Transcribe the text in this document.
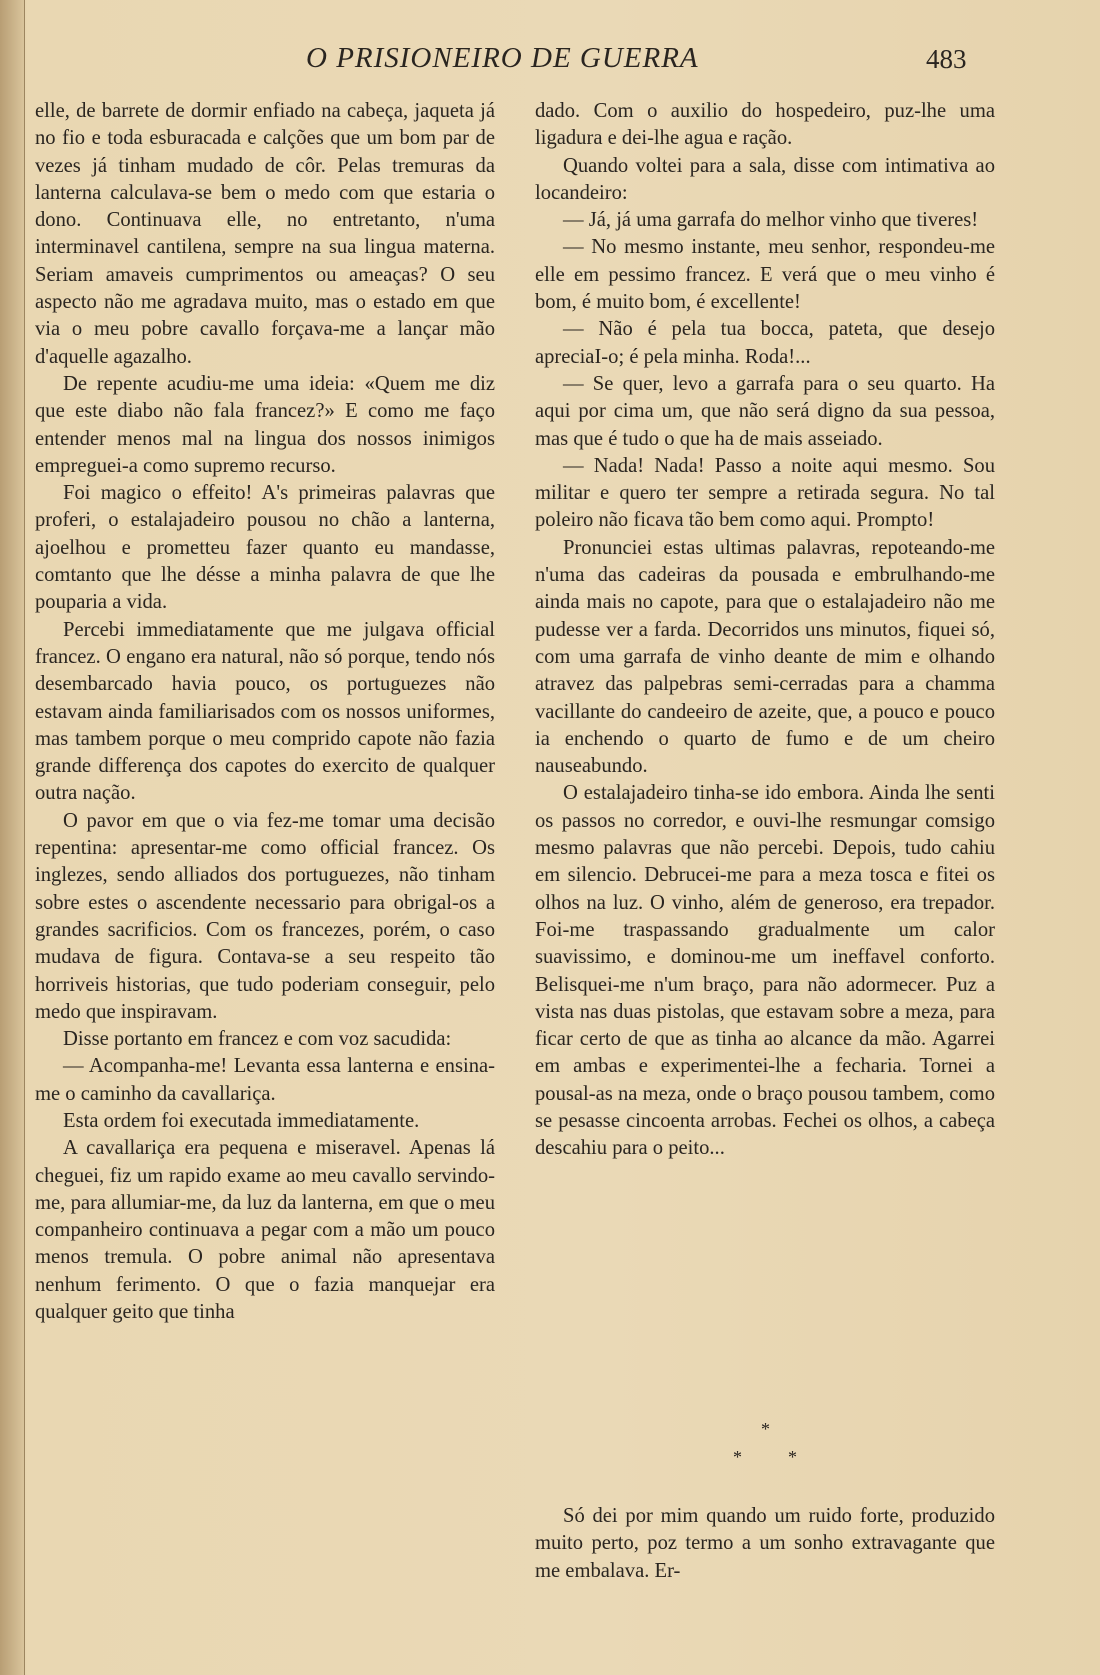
O PRISIONEIRO DE GUERRA	483

elle, de barrete de dormir enfiado na cabeça, jaqueta já no fio e toda esburacada e calções que um bom par de vezes já tinham mudado de côr. Pelas tremuras da lanterna calculava-se bem o medo com que estaria o dono. Continuava elle, no entretanto, n'uma interminavel cantilena, sempre na sua lingua materna. Seriam amaveis cumprimentos ou ameaças? O seu aspecto não me agradava muito, mas o estado em que via o meu pobre cavallo forçava-me a lançar mão d'aquelle agazalho.

De repente acudiu-me uma ideia: «Quem me diz que este diabo não fala francez?» E como me faço entender menos mal na lingua dos nossos inimigos empreguei-a como supremo recurso.

Foi magico o effeito! A's primeiras palavras que proferi, o estalajadeiro pousou no chão a lanterna, ajoelhou e prometteu fazer quanto eu mandasse, comtanto que lhe désse a minha palavra de que lhe pouparia a vida.

Percebi immediatamente que me julgava official francez. O engano era natural, não só porque, tendo nós desembarcado havia pouco, os portuguezes não estavam ainda familiarisados com os nossos uniformes, mas tambem porque o meu comprido capote não fazia grande differença dos capotes do exercito de qualquer outra nação.

O pavor em que o via fez-me tomar uma decisão repentina: apresentar-me como official francez. Os inglezes, sendo alliados dos portuguezes, não tinham sobre estes o ascendente necessario para obrigal-os a grandes sacrificios. Com os francezes, porém, o caso mudava de figura. Contava-se a seu respeito tão horriveis historias, que tudo poderiam conseguir, pelo medo que inspiravam.

Disse portanto em francez e com voz sacudida:

— Acompanha-me! Levanta essa lanterna e ensina-me o caminho da cavallariça.

Esta ordem foi executada immediatamente.

A cavallariça era pequena e miseravel. Apenas lá cheguei, fiz um rapido exame ao meu cavallo servindo-me, para allumiar-me, da luz da lanterna, em que o meu companheiro continuava a pegar com a mão um pouco menos tremula. O pobre animal não apresentava nenhum ferimento. O que o fazia manquejar era qualquer geito que tinha

dado. Com o auxilio do hospedeiro, puz-lhe uma ligadura e dei-lhe agua e ração.

Quando voltei para a sala, disse com intimativa ao locandeiro:

— Já, já uma garrafa do melhor vinho que tiveres!

— No mesmo instante, meu senhor, respondeu-me elle em pessimo francez. E verá que o meu vinho é bom, é muito bom, é excellente!

— Não é pela tua bocca, pateta, que desejo apreciaI-o; é pela minha. Roda!...

— Se quer, levo a garrafa para o seu quarto. Ha aqui por cima um, que não será digno da sua pessoa, mas que é tudo o que ha de mais asseiado.

— Nada! Nada! Passo a noite aqui mesmo. Sou militar e quero ter sempre a retirada segura. No tal poleiro não ficava tão bem como aqui. Prompto!

Pronunciei estas ultimas palavras, repoteando-me n'uma das cadeiras da pousada e embrulhando-me ainda mais no capote, para que o estalajadeiro não me pudesse ver a farda. Decorridos uns minutos, fiquei só, com uma garrafa de vinho deante de mim e olhando atravez das palpebras semi-cerradas para a chamma vacillante do candeeiro de azeite, que, a pouco e pouco ia enchendo o quarto de fumo e de um cheiro nauseabundo.

O estalajadeiro tinha-se ido embora. Ainda lhe senti os passos no corredor, e ouvi-lhe resmungar comsigo mesmo palavras que não percebi. Depois, tudo cahiu em silencio. Debrucei-me para a meza tosca e fitei os olhos na luz. O vinho, além de generoso, era trepador. Foi-me traspassando gradualmente um calor suavissimo, e dominou-me um ineffavel conforto. Belisquei-me n'um braço, para não adormecer. Puz a vista nas duas pistolas, que estavam sobre a meza, para ficar certo de que as tinha ao alcance da mão. Agarrei em ambas e experimentei-lhe a fecharia. Tornei a pousal-as na meza, onde o braço pousou tambem, como se pesasse cincoenta arrobas. Fechei os olhos, a cabeça descahiu para o peito...

*
*	*

Só dei por mim quando um ruido forte, produzido muito perto, poz termo a um sonho extravagante que me embalava. Er-
